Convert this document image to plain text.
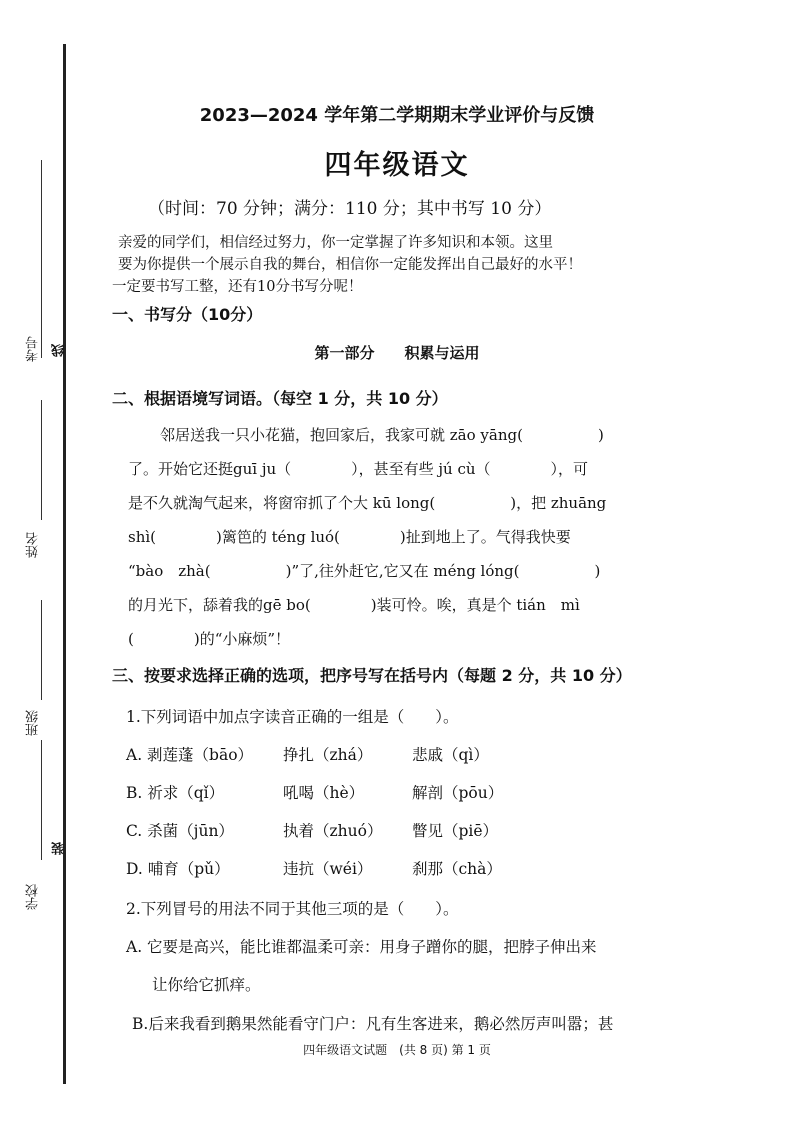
考号 线
姓名
班级
装
学校
2023—2024 学年第二学期期末学业评价与反馈
四年级语文
（时间：70 分钟；满分：110 分；其中书写 10 分）
亲爱的同学们，相信经过努力，你一定掌握了许多知识和本领。这里
要为你提供一个展示自我的舞台，相信你一定能发挥出自己最好的水平！
一定要书写工整，还有10分书写分呢！
一、书写分（10分）
第一部分　　积累与运用
二、根据语境写词语。（每空 1 分，共 10 分）
邻居送我一只小花猫，抱回家后，我家可就 zāo yāng(　　　　　)
了。开始它还挺guī ju（　　　　），甚至有些 jú cù（　　　　），可
是不久就淘气起来，将窗帘抓了个大 kū long(　　　　　)，把 zhuāng
shì(　　　　)篱笆的 téng luó(　　　　)扯到地上了。气得我快要
“bào　zhà(　　　　　)”了,往外赶它,它又在 méng lóng(　　　　　)
的月光下，舔着我的gē bo(　　　　)装可怜。唉，真是个 tián　mì
(　　　　)的“小麻烦”！
三、按要求选择正确的选项，把序号写在括号内（每题 2 分，共 10 分）
1.下列词语中加点字读音正确的一组是（　　）。
A. 剥莲蓬（bāo） 挣扎（zhá）	悲戚（qì）
B. 祈求（qǐ）	吼喝（hè）	解剖（pōu）
C. 杀菌（jūn）	执着（zhuó） 瞥见（piē）
D. 哺育（pǔ）	违抗（wéi）	刹那（chà）
2.下列冒号的用法不同于其他三项的是（　　）。
A. 它要是高兴，能比谁都温柔可亲：用身子蹭你的腿，把脖子伸出来
让你给它抓痒。
B.后来我看到鹅果然能看守门户：凡有生客进来，鹅必然厉声叫嚣；甚
四年级语文试题　(共 8 页) 第 1 页
